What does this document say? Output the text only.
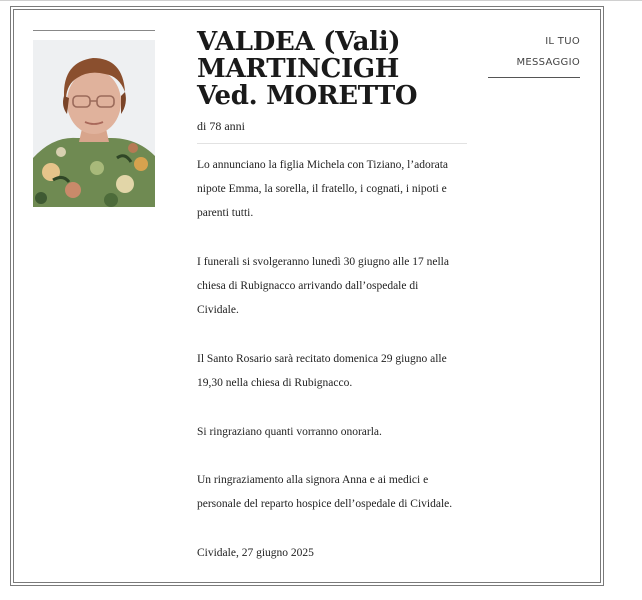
VALDEA (Vali)
MARTINCIGH
Ved. MORETTO
di 78 anni

Lo annunciano la figlia Michela con Tiziano, l’adorata
nipote Emma, la sorella, il fratello, i cognati, i nipoti e
parenti tutti.

I funerali si svolgeranno lunedì 30 giugno alle 17 nella
chiesa di Rubignacco arrivando dall’ospedale di
Cividale.

Il Santo Rosario sarà recitato domenica 29 giugno alle
19,30 nella chiesa di Rubignacco.

Si ringraziano quanti vorranno onorarla.

Un ringraziamento alla signora Anna e ai medici e
personale del reparto hospice dell’ospedale di Cividale.

Cividale, 27 giugno 2025

IL TUO
MESSAGGIO
